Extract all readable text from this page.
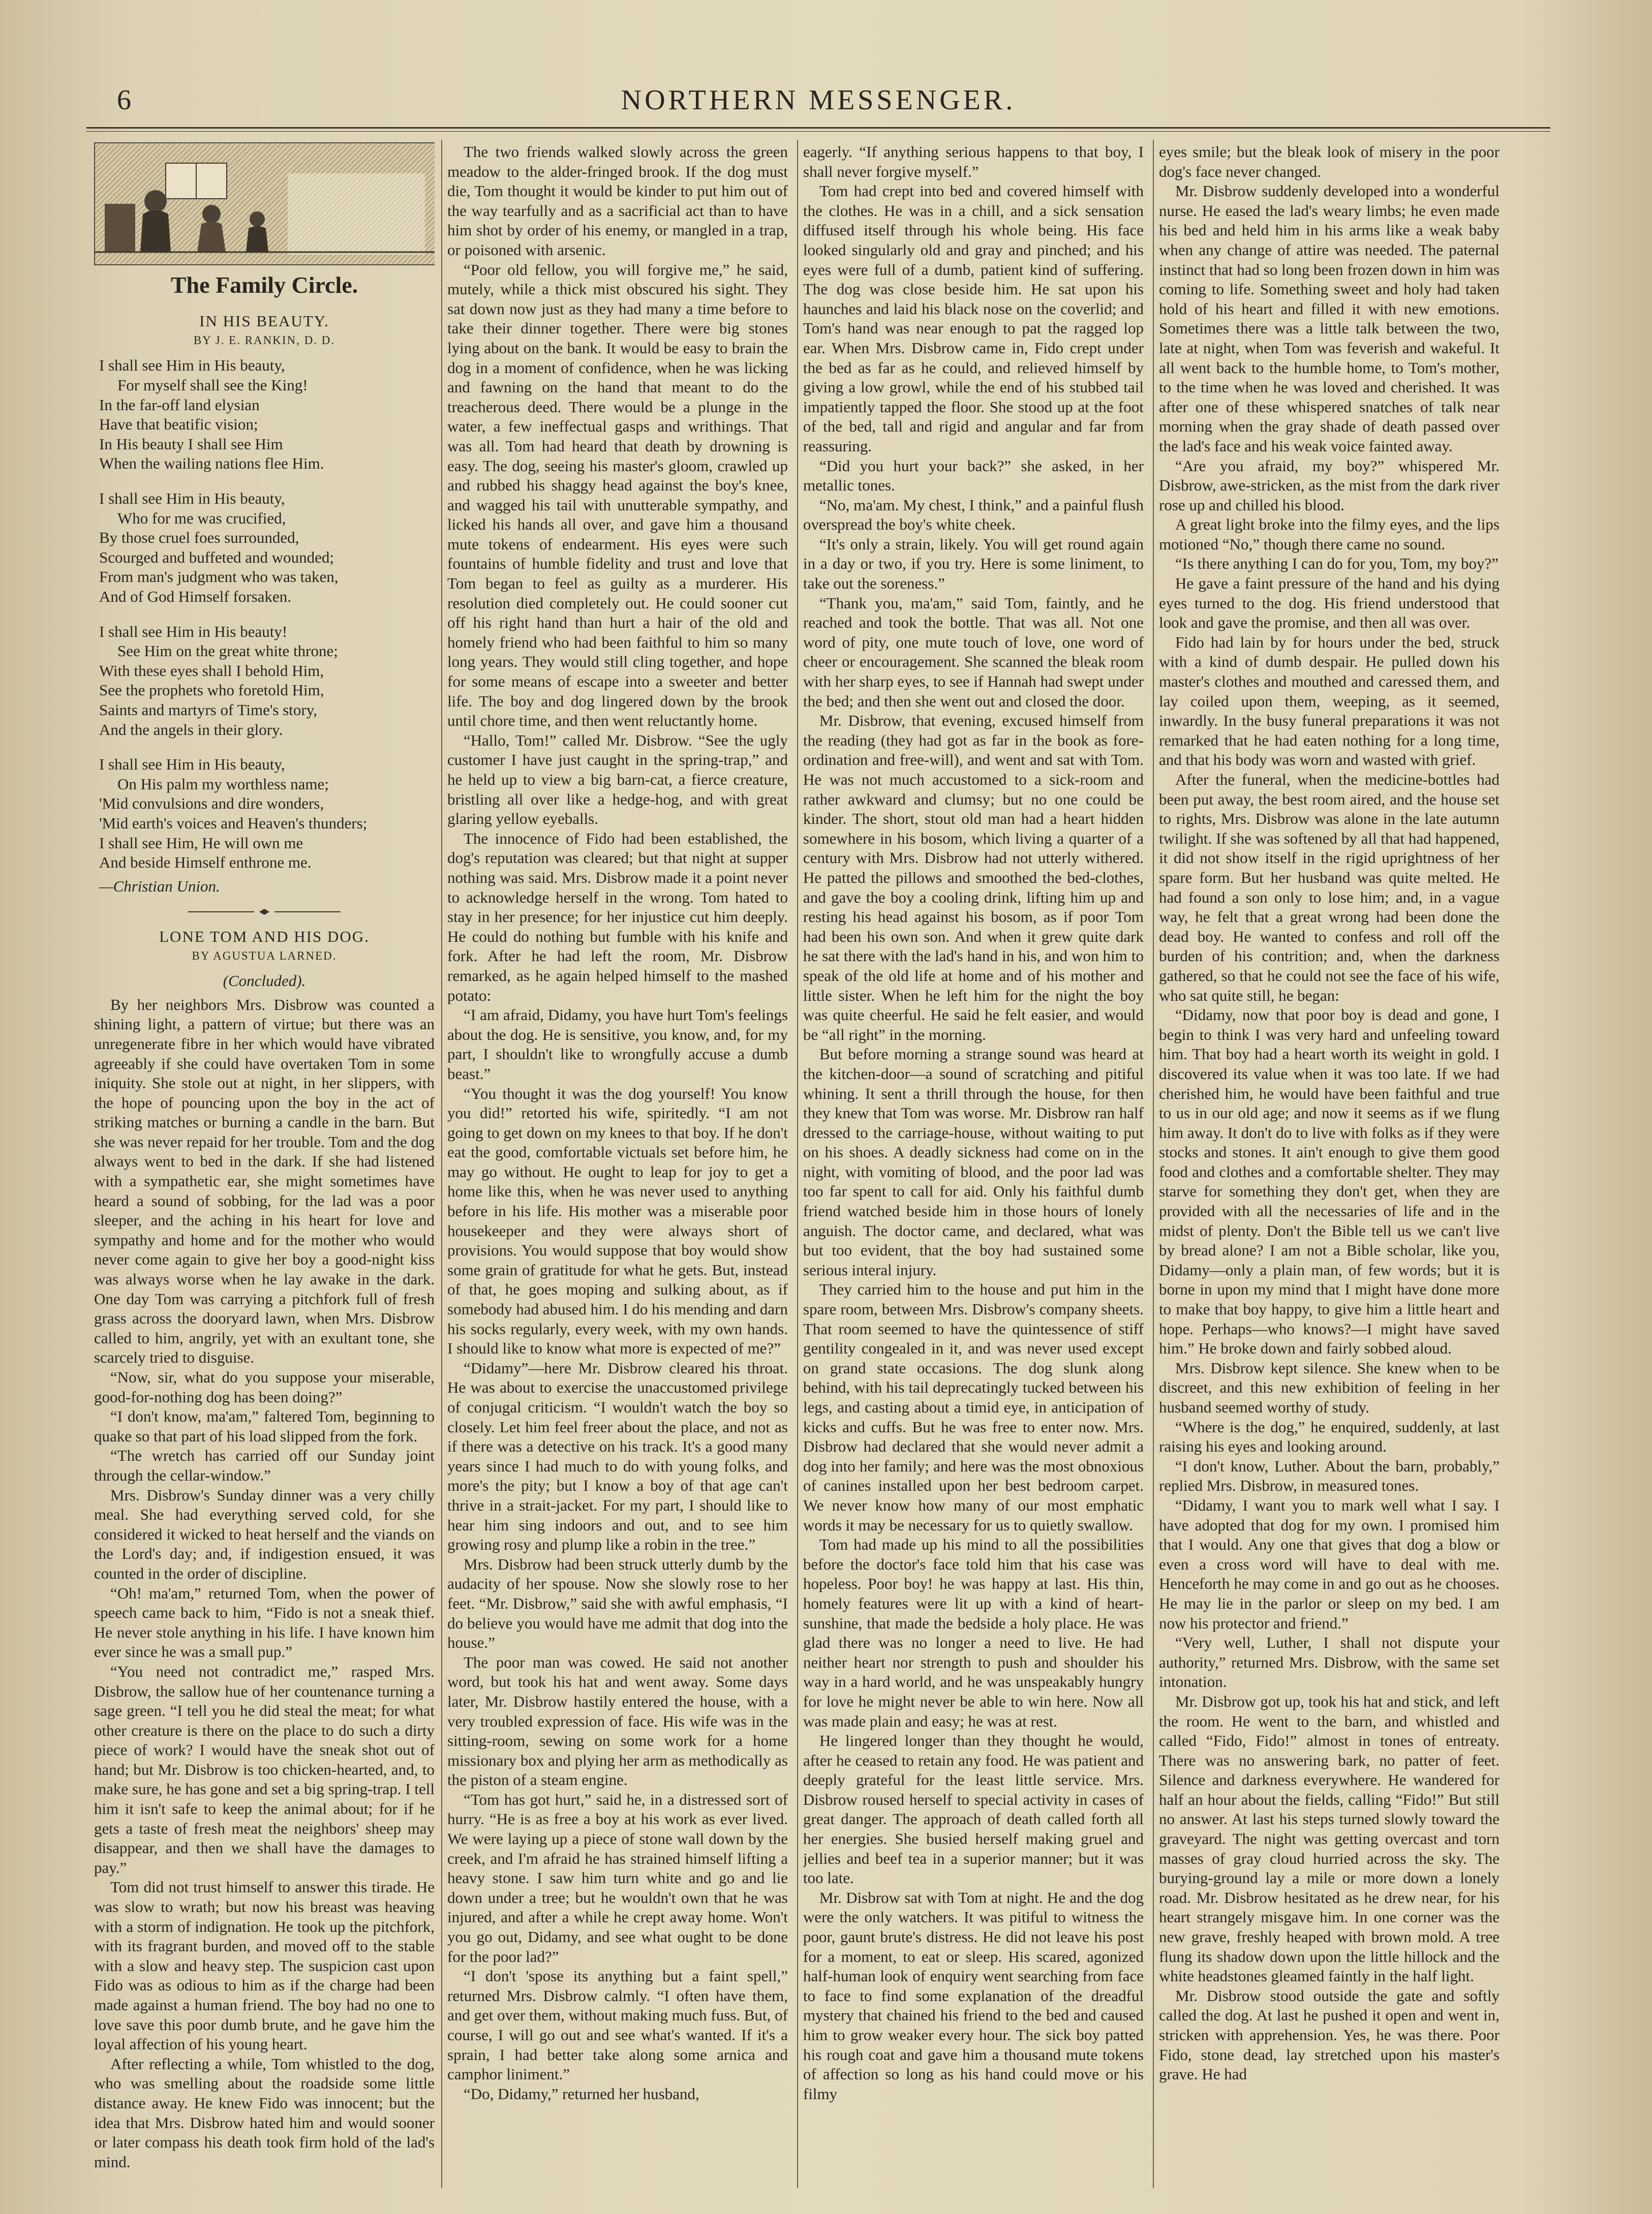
6	NORTHERN MESSENGER.
The Family Circle.
IN HIS BEAUTY.
BY J. E. RANKIN, D. D.
I shall see Him in His beauty,
For myself shall see the King!
In the far-off land elysian
Have that beatific vision;
In His beauty I shall see Him
When the wailing nations flee Him.
I shall see Him in His beauty,
Who for me was crucified,
By those cruel foes surrounded,
Scourged and buffeted and wounded;
From man's judgment who was taken,
And of God Himself forsaken.
I shall see Him in His beauty!
See Him on the great white throne;
With these eyes shall I behold Him,
See the prophets who foretold Him,
Saints and martyrs of Time's story,
And the angels in their glory.
I shall see Him in His beauty,
On His palm my worthless name;
'Mid convulsions and dire wonders,
'Mid earth's voices and Heaven's thunders;
I shall see Him, He will own me
And beside Himself enthrone me.
—Christian Union.
LONE TOM AND HIS DOG.
BY AGUSTUA LARNED.
(Concluded).

By her neighbors Mrs. Disbrow was counted a shining light, a pattern of virtue; but there was an unregenerate fibre in her which would have vibrated agreeably if she could have overtaken Tom in some iniquity. She stole out at night, in her slippers, with the hope of pouncing upon the boy in the act of striking matches or burning a candle in the barn. But she was never repaid for her trouble. Tom and the dog always went to bed in the dark. If she had listened with a sympathetic ear, she might sometimes have heard a sound of sobbing, for the lad was a poor sleeper, and the aching in his heart for love and sympathy and home and for the mother who would never come again to give her boy a good-night kiss was always worse when he lay awake in the dark. One day Tom was carrying a pitchfork full of fresh grass across the dooryard lawn, when Mrs. Disbrow called to him, angrily, yet with an exultant tone, she scarcely tried to disguise.

“Now, sir, what do you suppose your miserable, good-for-nothing dog has been doing?”

“I don't know, ma'am,” faltered Tom, beginning to quake so that part of his load slipped from the fork.

“The wretch has carried off our Sunday joint through the cellar-window.”

Mrs. Disbrow's Sunday dinner was a very chilly meal. She had everything served cold, for she considered it wicked to heat herself and the viands on the Lord's day; and, if indigestion ensued, it was counted in the order of discipline.

“Oh! ma'am,” returned Tom, when the power of speech came back to him, “Fido is not a sneak thief. He never stole anything in his life. I have known him ever since he was a small pup.”

“You need not contradict me,” rasped Mrs. Disbrow, the sallow hue of her countenance turning a sage green. “I tell you he did steal the meat; for what other creature is there on the place to do such a dirty piece of work? I would have the sneak shot out of hand; but Mr. Disbrow is too chicken-hearted, and, to make sure, he has gone and set a big spring-trap. I tell him it isn't safe to keep the animal about; for if he gets a taste of fresh meat the neighbors' sheep may disappear, and then we shall have the damages to pay.”

Tom did not trust himself to answer this tirade. He was slow to wrath; but now his breast was heaving with a storm of indignation. He took up the pitchfork, with its fragrant burden, and moved off to the stable with a slow and heavy step. The suspicion cast upon Fido was as odious to him as if the charge had been made against a human friend. The boy had no one to love save this poor dumb brute, and he gave him the loyal affection of his young heart.

After reflecting a while, Tom whistled to the dog, who was smelling about the roadside some little distance away. He knew Fido was innocent; but the idea that Mrs. Disbrow hated him and would sooner or later compass his death took firm hold of the lad's mind.

The two friends walked slowly across the green meadow to the alder-fringed brook. If the dog must die, Tom thought it would be kinder to put him out of the way tearfully and as a sacrificial act than to have him shot by order of his enemy, or mangled in a trap, or poisoned with arsenic.

“Poor old fellow, you will forgive me,” he said, mutely, while a thick mist obscured his sight. They sat down now just as they had many a time before to take their dinner together. There were big stones lying about on the bank. It would be easy to brain the dog in a moment of confidence, when he was licking and fawning on the hand that meant to do the treacherous deed. There would be a plunge in the water, a few ineffectual gasps and writhings. That was all. Tom had heard that death by drowning is easy. The dog, seeing his master's gloom, crawled up and rubbed his shaggy head against the boy's knee, and wagged his tail with unutterable sympathy, and licked his hands all over, and gave him a thousand mute tokens of endearment. His eyes were such fountains of humble fidelity and trust and love that Tom began to feel as guilty as a murderer. His resolution died completely out. He could sooner cut off his right hand than hurt a hair of the old and homely friend who had been faithful to him so many long years. They would still cling together, and hope for some means of escape into a sweeter and better life. The boy and dog lingered down by the brook until chore time, and then went reluctantly home.

“Hallo, Tom!” called Mr. Disbrow. “See the ugly customer I have just caught in the spring-trap,” and he held up to view a big barn-cat, a fierce creature, bristling all over like a hedge-hog, and with great glaring yellow eyeballs.

The innocence of Fido had been established, the dog's reputation was cleared; but that night at supper nothing was said. Mrs. Disbrow made it a point never to acknowledge herself in the wrong. Tom hated to stay in her presence; for her injustice cut him deeply. He could do nothing but fumble with his knife and fork. After he had left the room, Mr. Disbrow remarked, as he again helped himself to the mashed potato:

“I am afraid, Didamy, you have hurt Tom's feelings about the dog. He is sensitive, you know, and, for my part, I shouldn't like to wrongfully accuse a dumb beast.”

“You thought it was the dog yourself! You know you did!” retorted his wife, spiritedly. “I am not going to get down on my knees to that boy. If he don't eat the good, comfortable victuals set before him, he may go without. He ought to leap for joy to get a home like this, when he was never used to anything before in his life. His mother was a miserable poor housekeeper and they were always short of provisions. You would suppose that boy would show some grain of gratitude for what he gets. But, instead of that, he goes moping and sulking about, as if somebody had abused him. I do his mending and darn his socks regularly, every week, with my own hands. I should like to know what more is expected of me?”

“Didamy”—here Mr. Disbrow cleared his throat. He was about to exercise the unaccustomed privilege of conjugal criticism. “I wouldn't watch the boy so closely. Let him feel freer about the place, and not as if there was a detective on his track. It's a good many years since I had much to do with young folks, and more's the pity; but I know a boy of that age can't thrive in a strait-jacket. For my part, I should like to hear him sing indoors and out, and to see him growing rosy and plump like a robin in the tree.”

Mrs. Disbrow had been struck utterly dumb by the audacity of her spouse. Now she slowly rose to her feet. “Mr. Disbrow,” said she with awful emphasis, “I do believe you would have me admit that dog into the house.”

The poor man was cowed. He said not another word, but took his hat and went away. Some days later, Mr. Disbrow hastily entered the house, with a very troubled expression of face. His wife was in the sitting-room, sewing on some work for a home missionary box and plying her arm as methodically as the piston of a steam engine.

“Tom has got hurt,” said he, in a distressed sort of hurry. “He is as free a boy at his work as ever lived. We were laying up a piece of stone wall down by the creek, and I'm afraid he has strained himself lifting a heavy stone. I saw him turn white and go and lie down under a tree; but he wouldn't own that he was injured, and after a while he crept away home. Won't you go out, Didamy, and see what ought to be done for the poor lad?”

“I don't 'spose its anything but a faint spell,” returned Mrs. Disbrow calmly. “I often have them, and get over them, without making much fuss. But, of course, I will go out and see what's wanted. If it's a sprain, I had better take along some arnica and camphor liniment.”

“Do, Didamy,” returned her husband,

eagerly. “If anything serious happens to that boy, I shall never forgive myself.”

Tom had crept into bed and covered himself with the clothes. He was in a chill, and a sick sensation diffused itself through his whole being. His face looked singularly old and gray and pinched; and his eyes were full of a dumb, patient kind of suffering. The dog was close beside him. He sat upon his haunches and laid his black nose on the coverlid; and Tom's hand was near enough to pat the ragged lop ear. When Mrs. Disbrow came in, Fido crept under the bed as far as he could, and relieved himself by giving a low growl, while the end of his stubbed tail impatiently tapped the floor. She stood up at the foot of the bed, tall and rigid and angular and far from reassuring.

“Did you hurt your back?” she asked, in her metallic tones.

“No, ma'am. My chest, I think,” and a painful flush overspread the boy's white cheek.

“It's only a strain, likely. You will get round again in a day or two, if you try. Here is some liniment, to take out the soreness.”

“Thank you, ma'am,” said Tom, faintly, and he reached and took the bottle. That was all. Not one word of pity, one mute touch of love, one word of cheer or encouragement. She scanned the bleak room with her sharp eyes, to see if Hannah had swept under the bed; and then she went out and closed the door.

Mr. Disbrow, that evening, excused himself from the reading (they had got as far in the book as fore-ordination and free-will), and went and sat with Tom. He was not much accustomed to a sick-room and rather awkward and clumsy; but no one could be kinder. The short, stout old man had a heart hidden somewhere in his bosom, which living a quarter of a century with Mrs. Disbrow had not utterly withered. He patted the pillows and smoothed the bed-clothes, and gave the boy a cooling drink, lifting him up and resting his head against his bosom, as if poor Tom had been his own son. And when it grew quite dark he sat there with the lad's hand in his, and won him to speak of the old life at home and of his mother and little sister. When he left him for the night the boy was quite cheerful. He said he felt easier, and would be “all right” in the morning.

But before morning a strange sound was heard at the kitchen-door—a sound of scratching and pitiful whining. It sent a thrill through the house, for then they knew that Tom was worse. Mr. Disbrow ran half dressed to the carriage-house, without waiting to put on his shoes. A deadly sickness had come on in the night, with vomiting of blood, and the poor lad was too far spent to call for aid. Only his faithful dumb friend watched beside him in those hours of lonely anguish. The doctor came, and declared, what was but too evident, that the boy had sustained some serious interal injury.

They carried him to the house and put him in the spare room, between Mrs. Disbrow's company sheets. That room seemed to have the quintessence of stiff gentility congealed in it, and was never used except on grand state occasions. The dog slunk along behind, with his tail deprecatingly tucked between his legs, and casting about a timid eye, in anticipation of kicks and cuffs. But he was free to enter now. Mrs. Disbrow had declared that she would never admit a dog into her family; and here was the most obnoxious of canines installed upon her best bedroom carpet. We never know how many of our most emphatic words it may be necessary for us to quietly swallow.

Tom had made up his mind to all the possibilities before the doctor's face told him that his case was hopeless. Poor boy! he was happy at last. His thin, homely features were lit up with a kind of heart-sunshine, that made the bedside a holy place. He was glad there was no longer a need to live. He had neither heart nor strength to push and shoulder his way in a hard world, and he was unspeakably hungry for love he might never be able to win here. Now all was made plain and easy; he was at rest.

He lingered longer than they thought he would, after he ceased to retain any food. He was patient and deeply grateful for the least little service. Mrs. Disbrow roused herself to special activity in cases of great danger. The approach of death called forth all her energies. She busied herself making gruel and jellies and beef tea in a superior manner; but it was too late.

Mr. Disbrow sat with Tom at night. He and the dog were the only watchers. It was pitiful to witness the poor, gaunt brute's distress. He did not leave his post for a moment, to eat or sleep. His scared, agonized half-human look of enquiry went searching from face to face to find some explanation of the dreadful mystery that chained his friend to the bed and caused him to grow weaker every hour. The sick boy patted his rough coat and gave him a thousand mute tokens of affection so long as his hand could move or his filmy

eyes smile; but the bleak look of misery in the poor dog's face never changed.

Mr. Disbrow suddenly developed into a wonderful nurse. He eased the lad's weary limbs; he even made his bed and held him in his arms like a weak baby when any change of attire was needed. The paternal instinct that had so long been frozen down in him was coming to life. Something sweet and holy had taken hold of his heart and filled it with new emotions. Sometimes there was a little talk between the two, late at night, when Tom was feverish and wakeful. It all went back to the humble home, to Tom's mother, to the time when he was loved and cherished. It was after one of these whispered snatches of talk near morning when the gray shade of death passed over the lad's face and his weak voice fainted away.

“Are you afraid, my boy?” whispered Mr. Disbrow, awe-stricken, as the mist from the dark river rose up and chilled his blood.

A great light broke into the filmy eyes, and the lips motioned “No,” though there came no sound.

“Is there anything I can do for you, Tom, my boy?”

He gave a faint pressure of the hand and his dying eyes turned to the dog. His friend understood that look and gave the promise, and then all was over.

Fido had lain by for hours under the bed, struck with a kind of dumb despair. He pulled down his master's clothes and mouthed and caressed them, and lay coiled upon them, weeping, as it seemed, inwardly. In the busy funeral preparations it was not remarked that he had eaten nothing for a long time, and that his body was worn and wasted with grief.

After the funeral, when the medicine-bottles had been put away, the best room aired, and the house set to rights, Mrs. Disbrow was alone in the late autumn twilight. If she was softened by all that had happened, it did not show itself in the rigid uprightness of her spare form. But her husband was quite melted. He had found a son only to lose him; and, in a vague way, he felt that a great wrong had been done the dead boy. He wanted to confess and roll off the burden of his contrition; and, when the darkness gathered, so that he could not see the face of his wife, who sat quite still, he began:

“Didamy, now that poor boy is dead and gone, I begin to think I was very hard and unfeeling toward him. That boy had a heart worth its weight in gold. I discovered its value when it was too late. If we had cherished him, he would have been faithful and true to us in our old age; and now it seems as if we flung him away. It don't do to live with folks as if they were stocks and stones. It ain't enough to give them good food and clothes and a comfortable shelter. They may starve for something they don't get, when they are provided with all the necessaries of life and in the midst of plenty. Don't the Bible tell us we can't live by bread alone? I am not a Bible scholar, like you, Didamy—only a plain man, of few words; but it is borne in upon my mind that I might have done more to make that boy happy, to give him a little heart and hope. Perhaps—who knows?—I might have saved him.” He broke down and fairly sobbed aloud.

Mrs. Disbrow kept silence. She knew when to be discreet, and this new exhibition of feeling in her husband seemed worthy of study.

“Where is the dog,” he enquired, suddenly, at last raising his eyes and looking around.

“I don't know, Luther. About the barn, probably,” replied Mrs. Disbrow, in measured tones.

“Didamy, I want you to mark well what I say. I have adopted that dog for my own. I promised him that I would. Any one that gives that dog a blow or even a cross word will have to deal with me. Henceforth he may come in and go out as he chooses. He may lie in the parlor or sleep on my bed. I am now his protector and friend.”

“Very well, Luther, I shall not dispute your authority,” returned Mrs. Disbrow, with the same set intonation.

Mr. Disbrow got up, took his hat and stick, and left the room. He went to the barn, and whistled and called “Fido, Fido!” almost in tones of entreaty. There was no answering bark, no patter of feet. Silence and darkness everywhere. He wandered for half an hour about the fields, calling “Fido!” But still no answer. At last his steps turned slowly toward the graveyard. The night was getting overcast and torn masses of gray cloud hurried across the sky. The burying-ground lay a mile or more down a lonely road. Mr. Disbrow hesitated as he drew near, for his heart strangely misgave him. In one corner was the new grave, freshly heaped with brown mold. A tree flung its shadow down upon the little hillock and the white headstones gleamed faintly in the half light.

Mr. Disbrow stood outside the gate and softly called the dog. At last he pushed it open and went in, stricken with apprehension. Yes, he was there. Poor Fido, stone dead, lay stretched upon his master's grave. He had
